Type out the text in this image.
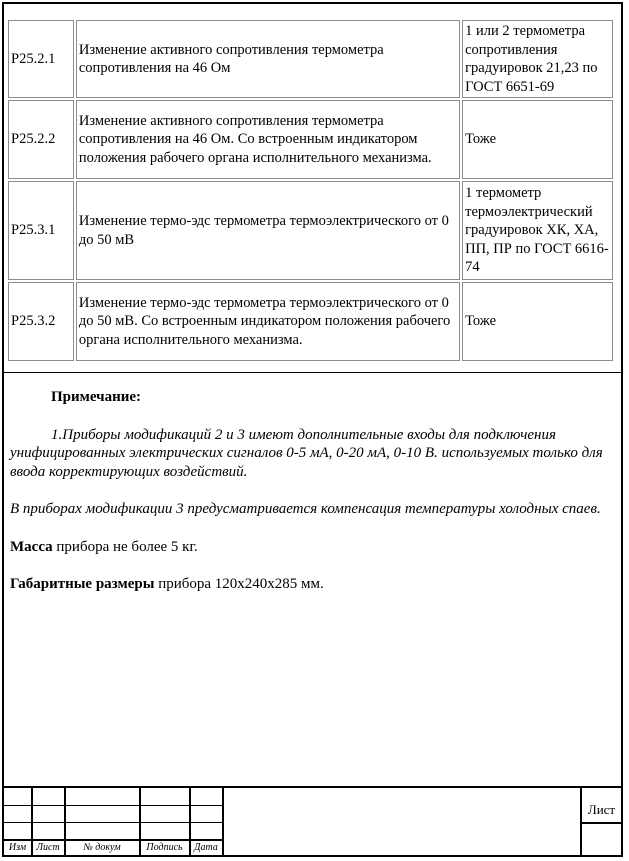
P25.2.1	Изменение активного сопротивления термометра сопротивления на 46 Ом	1 или 2 термометра сопротивления градуировок 21,23 по ГОСТ 6651-69
P25.2.2	Изменение активного сопротивления термометра сопротивления на 46 Ом. Со встроенным индикатором положения рабочего органа исполнительного механизма.	Тоже
P25.3.1	Изменение термо-эдс термометра термоэлектрического от 0 до 50 мВ	1 термометр термоэлектрический градуировок ХК, ХА, ПП, ПР по ГОСТ 6616-74
P25.3.2	Изменение термо-эдс термометра термоэлектрического от 0 до 50 мВ. Со встроенным индикатором положения рабочего органа исполнительного механизма.	Тоже

Примечание:

1.Приборы модификаций 2 и 3 имеют дополнительные входы для подключения унифицированных электрических сигналов 0-5 мА, 0-20 мА, 0-10 В. используемых только для ввода корректирующих воздействий.

В приборах модификации 3 предусматривается компенсация температуры холодных спаев.

Масса прибора не более 5 кг.

Габаритные размеры прибора 120x240x285 мм.

Изм	Лист	№ докум	Подпись	Дата
Лист
